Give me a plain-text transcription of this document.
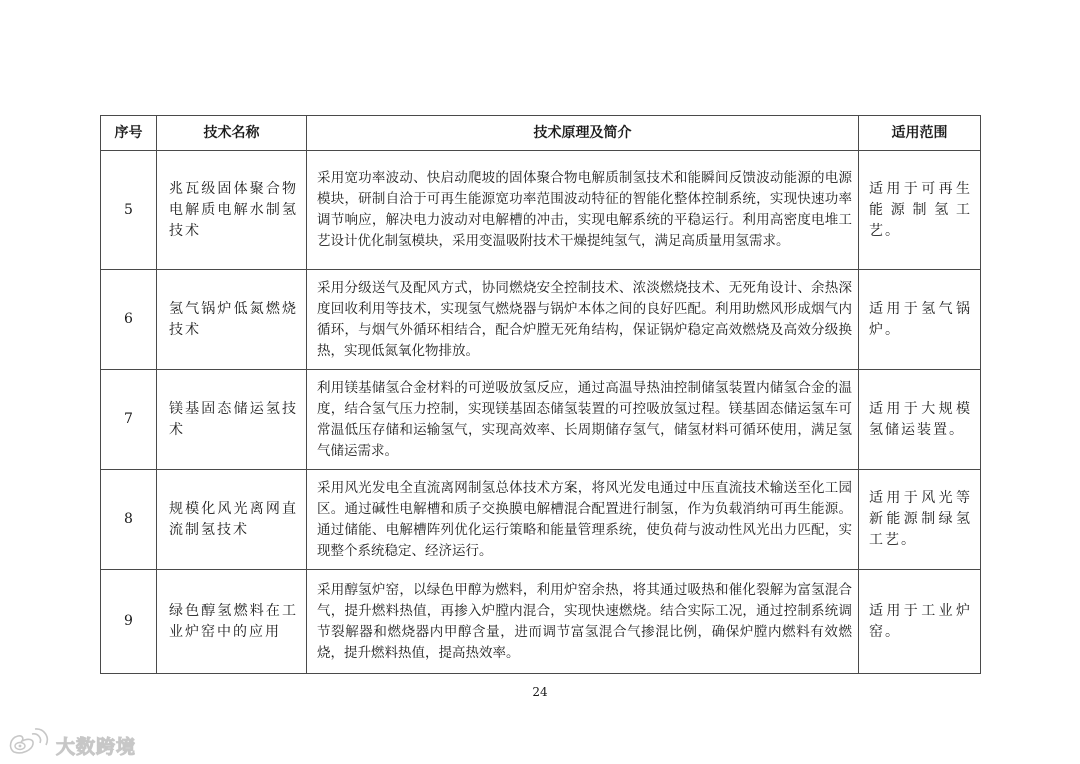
序号	技术名称	技术原理及简介	适用范围
5	兆瓦级固体聚合物电解质电解水制氢技术	采用宽功率波动、快启动爬坡的固体聚合物电解质制氢技术和能瞬间反馈波动能源的电源模块，研制自洽于可再生能源宽功率范围波动特征的智能化整体控制系统，实现快速功率调节响应，解决电力波动对电解槽的冲击，实现电解系统的平稳运行。利用高密度电堆工艺设计优化制氢模块，采用变温吸附技术干燥提纯氢气，满足高质量用氢需求。	适用于可再生能源制氢工艺。
6	氢气锅炉低氮燃烧技术	采用分级送气及配风方式，协同燃烧安全控制技术、浓淡燃烧技术、无死角设计、余热深度回收利用等技术，实现氢气燃烧器与锅炉本体之间的良好匹配。利用助燃风形成烟气内循环，与烟气外循环相结合，配合炉膛无死角结构，保证锅炉稳定高效燃烧及高效分级换热，实现低氮氧化物排放。	适用于氢气锅炉。
7	镁基固态储运氢技术	利用镁基储氢合金材料的可逆吸放氢反应，通过高温导热油控制储氢装置内储氢合金的温度，结合氢气压力控制，实现镁基固态储氢装置的可控吸放氢过程。镁基固态储运氢车可常温低压存储和运输氢气，实现高效率、长周期储存氢气，储氢材料可循环使用，满足氢气储运需求。	适用于大规模氢储运装置。
8	规模化风光离网直流制氢技术	采用风光发电全直流离网制氢总体技术方案，将风光发电通过中压直流技术输送至化工园区。通过碱性电解槽和质子交换膜电解槽混合配置进行制氢，作为负载消纳可再生能源。通过储能、电解槽阵列优化运行策略和能量管理系统，使负荷与波动性风光出力匹配，实现整个系统稳定、经济运行。	适用于风光等新能源制绿氢工艺。
9	绿色醇氢燃料在工业炉窑中的应用	采用醇氢炉窑，以绿色甲醇为燃料，利用炉窑余热，将其通过吸热和催化裂解为富氢混合气，提升燃料热值，再掺入炉膛内混合，实现快速燃烧。结合实际工况，通过控制系统调节裂解器和燃烧器内甲醇含量，进而调节富氢混合气掺混比例，确保炉膛内燃料有效燃烧，提升燃料热值，提高热效率。	适用于工业炉窑。
24
大数跨境
